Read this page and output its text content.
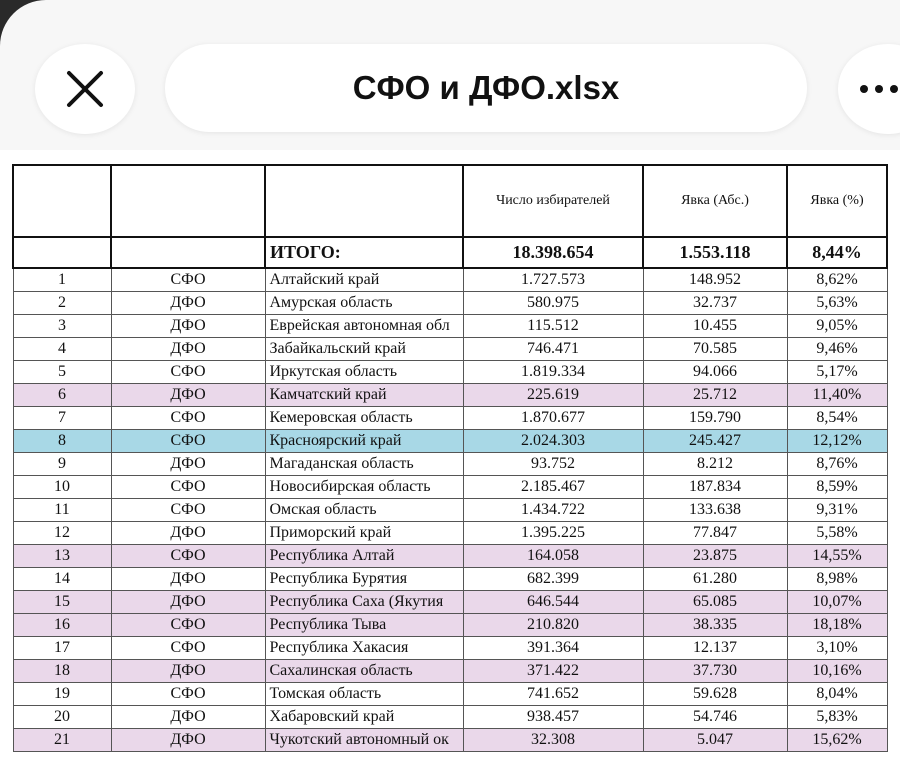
СФО и ДФО.xlsx
			Число избирателей	Явка (Абс.)	Явка (%)
		ИТОГО:	18.398.654	1.553.118	8,44%
1	СФО	Алтайский край	1.727.573	148.952	8,62%
2	ДФО	Амурская область	580.975	32.737	5,63%
3	ДФО	Еврейская автономная обл	115.512	10.455	9,05%
4	ДФО	Забайкальский край	746.471	70.585	9,46%
5	СФО	Иркутская область	1.819.334	94.066	5,17%
6	ДФО	Камчатский край	225.619	25.712	11,40%
7	СФО	Кемеровская область	1.870.677	159.790	8,54%
8	СФО	Красноярский край	2.024.303	245.427	12,12%
9	ДФО	Магаданская область	93.752	8.212	8,76%
10	СФО	Новосибирская область	2.185.467	187.834	8,59%
11	СФО	Омская область	1.434.722	133.638	9,31%
12	ДФО	Приморский край	1.395.225	77.847	5,58%
13	СФО	Республика Алтай	164.058	23.875	14,55%
14	ДФО	Республика Бурятия	682.399	61.280	8,98%
15	ДФО	Республика Саха (Якутия	646.544	65.085	10,07%
16	СФО	Республика Тыва	210.820	38.335	18,18%
17	СФО	Республика Хакасия	391.364	12.137	3,10%
18	ДФО	Сахалинская область	371.422	37.730	10,16%
19	СФО	Томская область	741.652	59.628	8,04%
20	ДФО	Хабаровский край	938.457	54.746	5,83%
21	ДФО	Чукотский автономный ок	32.308	5.047	15,62%
